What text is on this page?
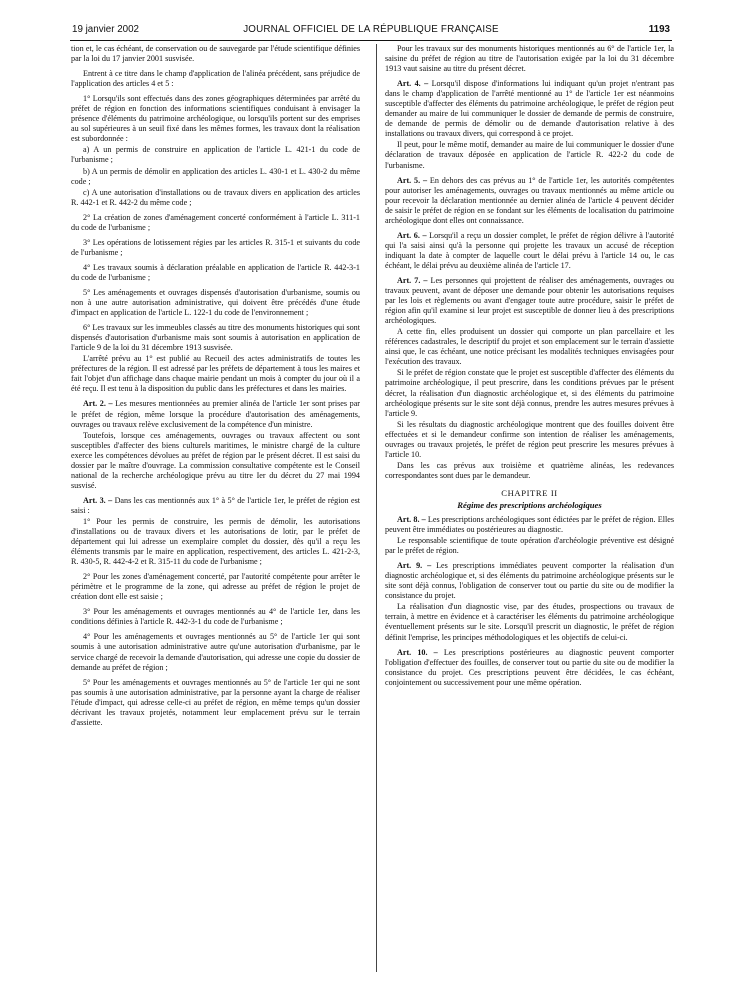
19 janvier 2002	JOURNAL OFFICIEL DE LA RÉPUBLIQUE FRANÇAISE	1193

tion et, le cas échéant, de conservation ou de sauvegarde par l'étude scientifique définies par la loi du 17 janvier 2001 susvisée.

Entrent à ce titre dans le champ d'application de l'alinéa précédent, sans préjudice de l'application des articles 4 et 5 :

1° Lorsqu'ils sont effectués dans des zones géographiques déterminées par arrêté du préfet de région en fonction des informations scientifiques conduisant à envisager la présence d'éléments du patrimoine archéologique, ou lorsqu'ils portent sur des emprises au sol supérieures à un seuil fixé dans les mêmes formes, les travaux dont la réalisation est subordonnée :

a) A un permis de construire en application de l'article L. 421-1 du code de l'urbanisme ;

b) A un permis de démolir en application des articles L. 430-1 et L. 430-2 du même code ;

c) A une autorisation d'installations ou de travaux divers en application des articles R. 442-1 et R. 442-2 du même code ;

2° La création de zones d'aménagement concerté conformément à l'article L. 311-1 du code de l'urbanisme ;

3° Les opérations de lotissement régies par les articles R. 315-1 et suivants du code de l'urbanisme ;

4° Les travaux soumis à déclaration préalable en application de l'article R. 442-3-1 du code de l'urbanisme ;

5° Les aménagements et ouvrages dispensés d'autorisation d'urbanisme, soumis ou non à une autre autorisation administrative, qui doivent être précédés d'une étude d'impact en application de l'article L. 122-1 du code de l'environnement ;

6° Les travaux sur les immeubles classés au titre des monuments historiques qui sont dispensés d'autorisation d'urbanisme mais sont soumis à autorisation en application de l'article 9 de la loi du 31 décembre 1913 susvisée.

L'arrêté prévu au 1° est publié au Recueil des actes administratifs de toutes les préfectures de la région. Il est adressé par les préfets de département à tous les maires et fait l'objet d'un affichage dans chaque mairie pendant un mois à compter du jour où il a été reçu. Il est tenu à la disposition du public dans les préfectures et dans les mairies.

Art. 2. – Les mesures mentionnées au premier alinéa de l'article 1er sont prises par le préfet de région, même lorsque la procédure d'autorisation des aménagements, ouvrages ou travaux relève exclusivement de la compétence d'un ministre.

Toutefois, lorsque ces aménagements, ouvrages ou travaux affectent ou sont susceptibles d'affecter des biens culturels maritimes, le ministre chargé de la culture exerce les compétences dévolues au préfet de région par le présent décret. Il est saisi du dossier par le maître d'ouvrage. La commission consultative compétente est le Conseil national de la recherche archéologique prévu au titre Ier du décret du 27 mai 1994 susvisé.

Art. 3. – Dans les cas mentionnés aux 1° à 5° de l'article 1er, le préfet de région est saisi :

1° Pour les permis de construire, les permis de démolir, les autorisations d'installations ou de travaux divers et les autorisations de lotir, par le préfet de département qui lui adresse un exemplaire complet du dossier, dès qu'il a reçu les éléments transmis par le maire en application, respectivement, des articles L. 421-2-3, R. 430-5, R. 442-4-2 et R. 315-11 du code de l'urbanisme ;

2° Pour les zones d'aménagement concerté, par l'autorité compétente pour arrêter le périmètre et le programme de la zone, qui adresse au préfet de région le projet de création dont elle est saisie ;

3° Pour les aménagements et ouvrages mentionnés au 4° de l'article 1er, dans les conditions définies à l'article R. 442-3-1 du code de l'urbanisme ;

4° Pour les aménagements et ouvrages mentionnés au 5° de l'article 1er qui sont soumis à une autorisation administrative autre qu'une autorisation d'urbanisme, par le service chargé de recevoir la demande d'autorisation, qui adresse une copie du dossier de demande au préfet de région ;

5° Pour les aménagements et ouvrages mentionnés au 5° de l'article 1er qui ne sont pas soumis à une autorisation administrative, par la personne ayant la charge de réaliser l'étude d'impact, qui adresse celle-ci au préfet de région, en même temps qu'un dossier décrivant les travaux projetés, notamment leur emplacement prévu sur le terrain d'assiette.

Pour les travaux sur des monuments historiques mentionnés au 6° de l'article 1er, la saisine du préfet de région au titre de l'autorisation exigée par la loi du 31 décembre 1913 vaut saisine au titre du présent décret.

Art. 4. – Lorsqu'il dispose d'informations lui indiquant qu'un projet n'entrant pas dans le champ d'application de l'arrêté mentionné au 1° de l'article 1er est néanmoins susceptible d'affecter des éléments du patrimoine archéologique, le préfet de région peut demander au maire de lui communiquer le dossier de demande de permis de construire, de demande de permis de démolir ou de demande d'autorisation relative à des installations ou travaux divers, qui correspond à ce projet.

Il peut, pour le même motif, demander au maire de lui communiquer le dossier d'une déclaration de travaux déposée en application de l'article R. 422-2 du code de l'urbanisme.

Art. 5. – En dehors des cas prévus au 1° de l'article 1er, les autorités compétentes pour autoriser les aménagements, ouvrages ou travaux mentionnés au même article ou pour recevoir la déclaration mentionnée au dernier alinéa de l'article 4 peuvent décider de saisir le préfet de région en se fondant sur les éléments de localisation du patrimoine archéologique dont elles ont connaissance.

Art. 6. – Lorsqu'il a reçu un dossier complet, le préfet de région délivre à l'autorité qui l'a saisi ainsi qu'à la personne qui projette les travaux un accusé de réception indiquant la date à compter de laquelle court le délai prévu à l'article 14 ou, le cas échéant, le délai prévu au deuxième alinéa de l'article 17.

Art. 7. – Les personnes qui projettent de réaliser des aménagements, ouvrages ou travaux peuvent, avant de déposer une demande pour obtenir les autorisations requises par les lois et règlements ou avant d'engager toute autre procédure, saisir le préfet de région afin qu'il examine si leur projet est susceptible de donner lieu à des prescriptions archéologiques.

A cette fin, elles produisent un dossier qui comporte un plan parcellaire et les références cadastrales, le descriptif du projet et son emplacement sur le terrain d'assiette ainsi que, le cas échéant, une notice précisant les modalités techniques envisagées pour l'exécution des travaux.

Si le préfet de région constate que le projet est susceptible d'affecter des éléments du patrimoine archéologique, il peut prescrire, dans les conditions prévues par le présent décret, la réalisation d'un diagnostic archéologique et, si des éléments du patrimoine archéologique présents sur le site sont déjà connus, prendre les autres mesures prévues à l'article 9.

Si les résultats du diagnostic archéologique montrent que des fouilles doivent être effectuées et si le demandeur confirme son intention de réaliser les aménagements, ouvrages ou travaux projetés, le préfet de région peut prescrire les mesures prévues à l'article 10.

Dans les cas prévus aux troisième et quatrième alinéas, les redevances correspondantes sont dues par le demandeur.

CHAPITRE II

Régime des prescriptions archéologiques

Art. 8. – Les prescriptions archéologiques sont édictées par le préfet de région. Elles peuvent être immédiates ou postérieures au diagnostic.

Le responsable scientifique de toute opération d'archéologie préventive est désigné par le préfet de région.

Art. 9. – Les prescriptions immédiates peuvent comporter la réalisation d'un diagnostic archéologique et, si des éléments du patrimoine archéologique présents sur le site sont déjà connus, l'obligation de conserver tout ou partie du site ou de modifier la consistance du projet.

La réalisation d'un diagnostic vise, par des études, prospections ou travaux de terrain, à mettre en évidence et à caractériser les éléments du patrimoine archéologique éventuellement présents sur le site. Lorsqu'il prescrit un diagnostic, le préfet de région définit l'emprise, les principes méthodologiques et les objectifs de celui-ci.

Art. 10. – Les prescriptions postérieures au diagnostic peuvent comporter l'obligation d'effectuer des fouilles, de conserver tout ou partie du site ou de modifier la consistance du projet. Ces prescriptions peuvent être décidées, le cas échéant, conjointement ou successivement pour une même opération.
